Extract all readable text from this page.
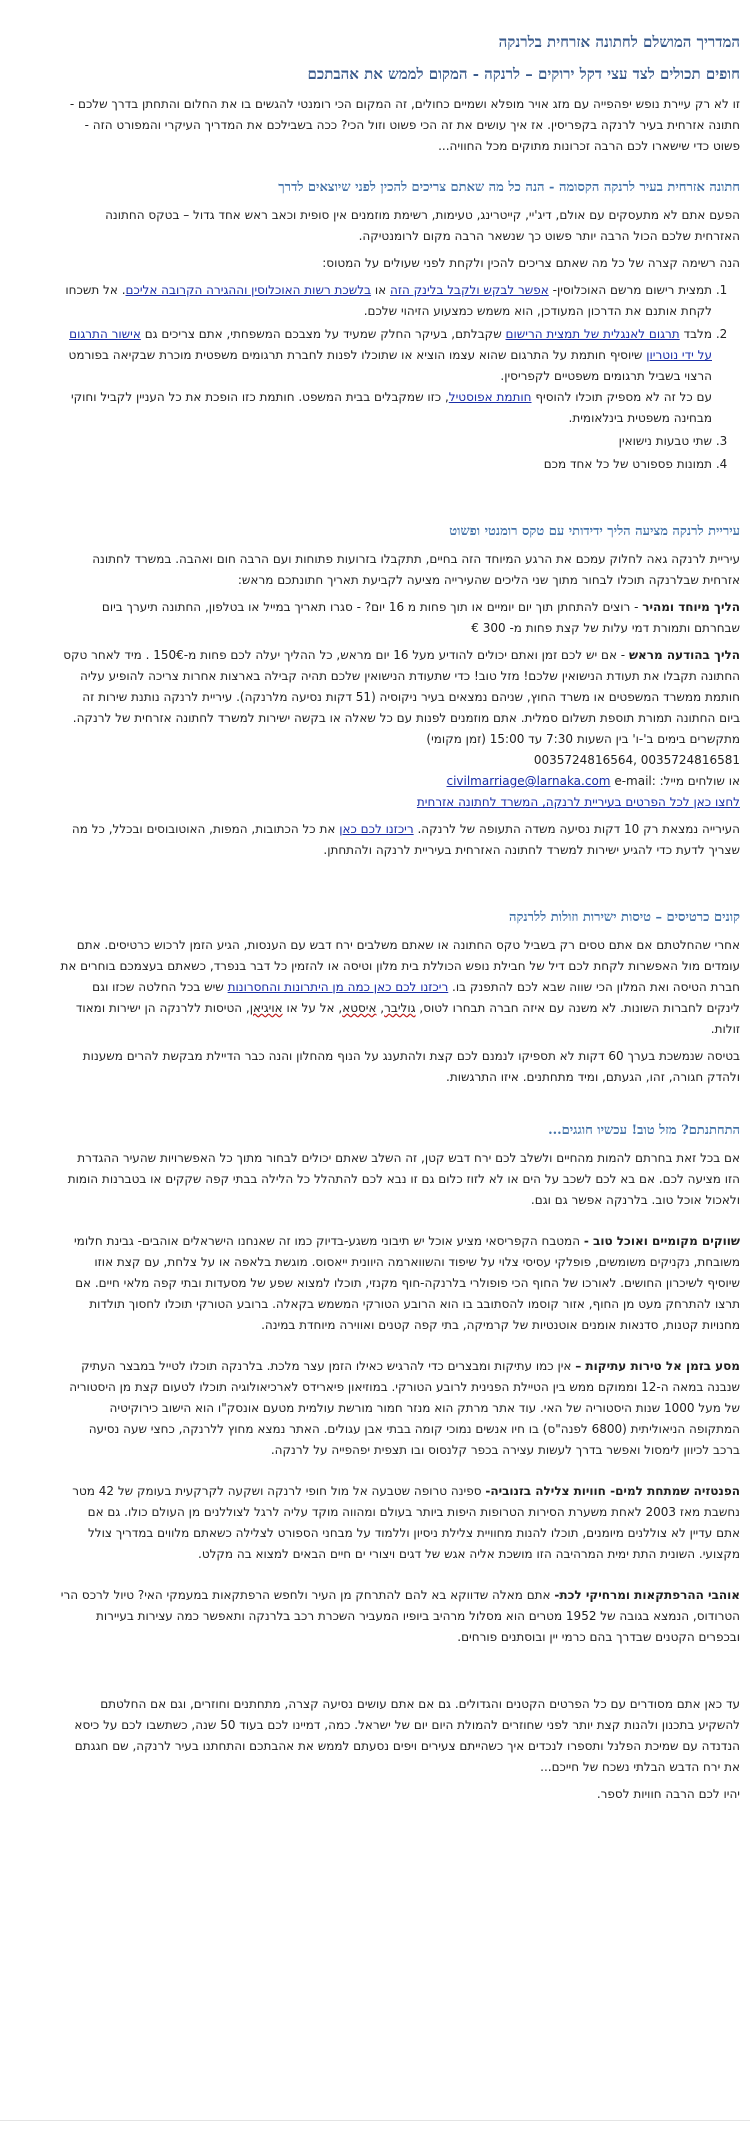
המדריך המושלם לחתונה אזרחית בלרנקה
חופים תכולים לצד עצי דקל ירוקים – לרנקה - המקום לממש את אהבתכם

זו לא רק עיירת נופש יפהפייה עם מזג אויר מופלא ושמיים כחולים, זה המקום הכי רומנטי להגשים בו את החלום והתחתן בדרך שלכם - חתונה אזרחית בעיר לרנקה בקפריסין. אז איך עושים את זה הכי פשוט וזול הכי? ככה בשבילכם את המדריך העיקרי והמפורט הזה - פשוט כדי שישארו לכם הרבה זכרונות מתוקים מכל החוויה...

חתונה אזרחית בעיר לרנקה הקסומה - הנה כל מה שאתם צריכים להכין לפני שיוצאים לדרך

הפעם אתם לא מתעסקים עם אולם, דיג'יי, קייטרינג, טעימות, רשימת מוזמנים אין סופית וכאב ראש אחד גדול – בטקס החתונה האזרחית שלכם הכול הרבה יותר פשוט כך שנשאר הרבה מקום לרומנטיקה.

הנה רשימה קצרה של כל מה שאתם צריכים להכין ולקחת לפני שעולים על המטוס:

1. תמצית רישום מרשם האוכלוסין- אפשר לבקש ולקבל בלינק הזה או בלשכת רשות האוכלוסין וההגירה הקרובה אליכם. אל תשכחו לקחת אותנם את הדרכון המעודכן, הוא משמש כמצעוע הזיהוי שלכם.
2. מלבד תרגום לאנגלית של תמצית הרישום שקבלתם, בעיקר החלק שמעיד על מצבכם המשפחתי, אתם צריכים גם אישור התרגום על ידי נוטריון שיוסיף חותמת על התרגום שהוא עצמו הוציא או שתוכלו לפנות לחברת תרגומים משפטית מוכרת שבקיאה בפורמט הרצוי בשביל תרגומים משפטיים לקפריסין.
עם כל זה לא מספיק תוכלו להוסיף חותמת אפוסטיל, כזו שמקבלים בבית המשפט. חותמת כזו הופכת את כל העניין לקביל וחוקי מבחינה משפטית בינלאומית.
3. שתי טבעות נישואין
4. תמונות פספורט של כל אחד מכם
עיריית לרנקה מציעה הליך ידידותי עם טקס רומנטי ופשוט

עיריית לרנקה גאה לחלוק עמכם את הרגע המיוחד הזה בחיים, תתקבלו בזרועות פתוחות ועם הרבה חום ואהבה. במשרד לחתונה אזרחית שבלרנקה תוכלו לבחור מתוך שני הליכים שהעירייה מציעה לקביעת תאריך חתונתכם מראש:

הליך מיוחד ומהיר - רוצים להתחתן תוך יום יומיים או תוך פחות מ 16 יום? - סגרו תאריך במייל או בטלפון, החתונה תיערך ביום שבחרתם ותמורת דמי עלות של קצת פחות מ- 300 €

הליך בהודעה מראש - אם יש לכם זמן ואתם יכולים להודיע מעל 16 יום מראש, כל ההליך יעלה לכם פחות מ-150€ . מיד לאחר טקס החתונה תקבלו את תעודת הנישואין שלכם! מזל טוב! כדי שתעודת הנישואין שלכם תהיה קבילה בארצות אחרות צריכה להופיע עליה חותמת ממשרד המשפטים או משרד החוץ, שניהם נמצאים בעיר ניקוסיה (51 דקות נסיעה מלרנקה). עיריית לרנקה נותנת שירות זה ביום החתונה תמורת תוספת תשלום סמלית. אתם מוזמנים לפנות עם כל שאלה או בקשה ישירות למשרד לחתונה אזרחית של לרנקה. מתקשרים בימים ב'-ו' בין השעות 7:30 עד 15:00 (זמן מקומי)
0035724816564, 0035724816581
או שולחים מייל: civilmarriage@larnaka.com e-mail:
לחצו כאן לכל הפרטים בעיריית לרנקה, המשרד לחתונה אזרחית

העירייה נמצאת רק 10 דקות נסיעה משדה התעופה של לרנקה. ריכזנו לכם כאן את כל הכתובות, המפות, האוטובוסים ובכלל, כל מה שצריך לדעת כדי להגיע ישירות למשרד לחתונה האזרחית בעיריית לרנקה ולהתחתן.

קונים כרטיסים – טיסות ישירות וזולות ללרנקה

אחרי שהחלטתם אם אתם טסים רק בשביל טקס החתונה או שאתם משלבים ירח דבש עם הענסות, הגיע הזמן לרכוש כרטיסים. אתם עומדים מול האפשרות לקחת לכם דיל של חבילת נופש הכוללת בית מלון וטיסה או להזמין כל דבר בנפרד, כשאתם בעצמכם בוחרים את חברת הטיסה ואת המלון הכי שווה שבא לכם להתפנק בו. ריכזנו לכם כאן כמה מן היתרונות והחסרונות שיש בכל החלטה שכזו וגם לינקים לחברות השונות. לא משנה עם איזה חברה תבחרו לטוס, גוליבר, איסטא, אל על או אויגיאן, הטיסות ללרנקה הן ישירות ומאוד זולות.

בטיסה שנמשכת בערך 60 דקות לא תספיקו לנמנם לכם קצת ולהתענג על הנוף מהחלון והנה כבר הדיילת מבקשת להרים משענות ולהדק חגורה, זהו, הגעתם, ומיד מתחתנים. איזו התרגשות.

התחתנתם? מזל טוב! עכשיו חוגגים...

אם בכל זאת בחרתם להמות מהחיים ולשלב לכם ירח דבש קטן, זה השלב שאתם יכולים לבחור מתוך כל האפשרויות שהעיר ההגדרת הזו מציעה לכם. אם בא לכם לשכב על הים או לא לזוז כלום גם זו נבא לכם להתהלל כל הלילה בבתי קפה שקקים או בטברנות הומות ולאכול אוכל טוב. בלרנקה אפשר גם וגם.

שווקים מקומיים ואוכל טוב - המטבח הקפריסאי מציע אוכל יש תיבוני משגע-בדיוק כמו זה שאנחנו הישראלים אוהבים- גבינת חלומי משובחת, נקניקים משומשים, פופלקי עסיסי צלוי על שיפוד והשווארמה היוונית ייאסוס. מוגשת בלאפה או על צלחת, עם קצת אוזו שיוסיף לשיכרון החושים. לאורכו של החוף הכי פופולרי בלרנקה-חוף מקנזי, תוכלו למצוא שפע של מסעדות ובתי קפה מלאי חיים. אם תרצו להתרחק מעט מן החוף, אזור קוסמו להסתובב בו הוא הרובע הטורקי המשמש בקאלה. ברובע הטורקי תוכלו לחסוך תולדות מחנויות קטנות, סדנאות אומנים אוטנטיות של קרמיקה, בתי קפה קטנים ואווירה מיוחדת במינה.

מסע בזמן אל טירות עתיקות – אין כמו עתיקות ומבצרים כדי להרגיש כאילו הזמן עצר מלכת. בלרנקה תוכלו לטייל במבצר העתיק שנבנה במאה ה-12 וממוקם ממש בין הטיילת הפנינית לרובע הטורקי. במוזיאון פיארידס לארכיאולוגיה תוכלו לטעום קצת מן היסטוריה של מעל 1000 שנות היסטוריה של האי. עוד אתר מרתק הוא מנזר חמור מורשת עולמית מטעם אונסק"ו הוא הישוב כירוקיטיה המתקופה הניאוליתית (6800 לפנה"ס) בו חיו אנשים נמוכי קומה בבתי אבן עגולים. האתר נמצא מחוץ ללרנקה, כחצי שעה נסיעה ברכב לכיוון לימסול ואפשר בדרך לעשות עצירה בכפר קלנסוס ובו תצפית יפהפייה על לרנקה.

הפנטזיה שמתחת למים- חוויות צלילה בזנוביה- ספינה טרופה שטבעה אל מול חופי לרנקה ושקעה לקרקעית בעומק של 42 מטר נחשבת מאז 2003 לאחת משערת הסירות הטרופות היפות ביותר בעולם ומהווה מוקד עליה לרגל לצוללנים מן העולם כולו. גם אם אתם עדיין לא צוללנים מיומנים, תוכלו להנות מחוויית צלילת ניסיון וללמוד על מבחני הספורט לצלילה כשאתם מלווים במדריך צולל מקצועי. השונית התת ימית המרהיבה הזו מושכת אליה אגש של דגים ויצורי ים חיים הבאים למצוא בה מקלט.

אוהבי ההרפתקאות ומרחיקי לכת- אתם מאלה שדווקא בא להם להתרחק מן העיר ולחפש הרפתקאות במעמקי האי? טיול לרכס הרי הטרודוס, הנמצא בגובה של 1952 מטרים הוא מסלול מרהיב ביופיו המעביר השכרת רכב בלרנקה ותאפשר כמה עצירות בעיירות ובכפרים הקטנים שבדרך בהם כרמי יין ובוסתנים פורחים.

עד כאן אתם מסודרים עם כל הפרטים הקטנים והגדולים. גם אם אתם עושים נסיעה קצרה, מתחתנים וחוזרים, וגם אם החלטתם להשקיע בתכנון ולהנות קצת יותר לפני שחוזרים להמולת היום יום של ישראל. כמה, דמיינו לכם בעוד 50 שנה, כשתשבו לכם על כיסא הנדנדה עם שמיכת הפלנל ותספרו לנכדים איך כשהייתם צעירים ויפים נסעתם לממש את אהבתכם והתחתנו בעיר לרנקה, שם חגגתם את ירח הדבש הבלתי נשכח של חייכם...

יהיו לכם הרבה חוויות לספר.
